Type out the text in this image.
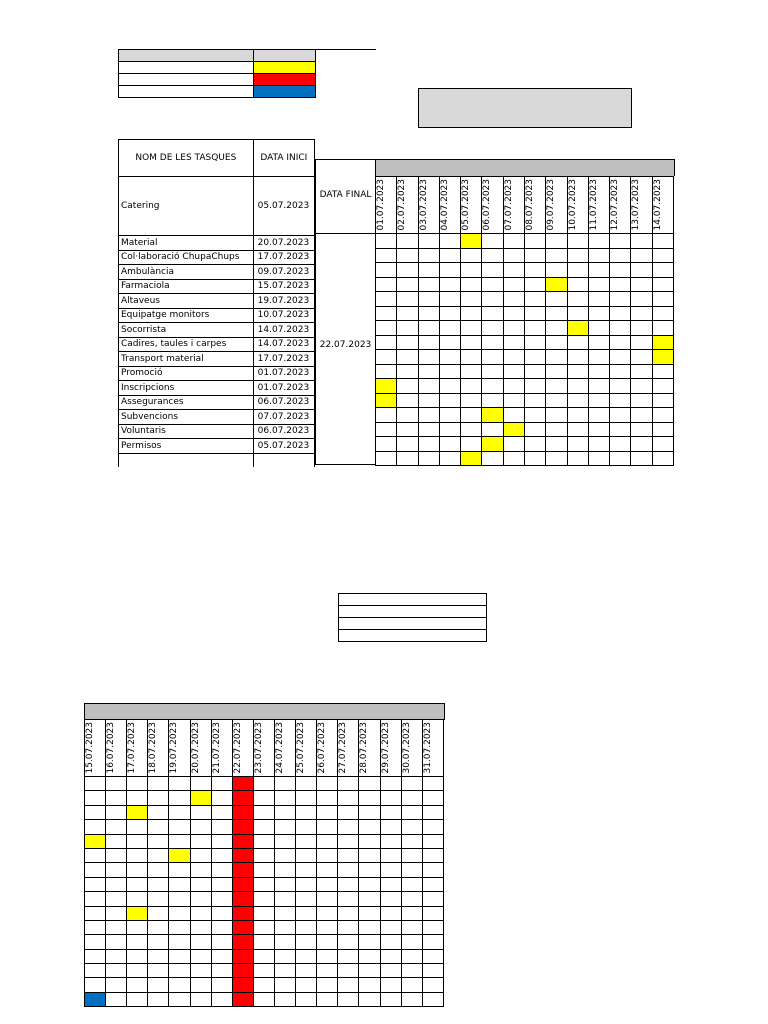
NOM DE LES TASQUES	DATA INICI
Catering	05.07.2023
Material	20.07.2023
Col·laboració ChupaChups	17.07.2023
Ambulància	09.07.2023
Farmaciola	15.07.2023
Altaveus	19.07.2023
Equipatge monitors	10.07.2023
Socorrista	14.07.2023
Cadires, taules i carpes	14.07.2023
Transport material	17.07.2023
Promoció	01.07.2023
Inscripcions	01.07.2023
Assegurances	06.07.2023
Subvencions	07.07.2023
Voluntaris	06.07.2023
Permisos	05.07.2023

DATA FINAL
22.07.2023
01.07.2023	02.07.2023	03.07.2023	04.07.2023	05.07.2023	06.07.2023	07.07.2023	08.07.2023	09.07.2023	10.07.2023	11.07.2023	12.07.2023	13.07.2023	14.07.2023

15.07.2023	16.07.2023	17.07.2023	18.07.2023	19.07.2023	20.07.2023	21.07.2023	22.07.2023	23.07.2023	24.07.2023	25.07.2023	26.07.2023	27.07.2023	28.07.2023	29.07.2023	30.07.2023	31.07.2023
